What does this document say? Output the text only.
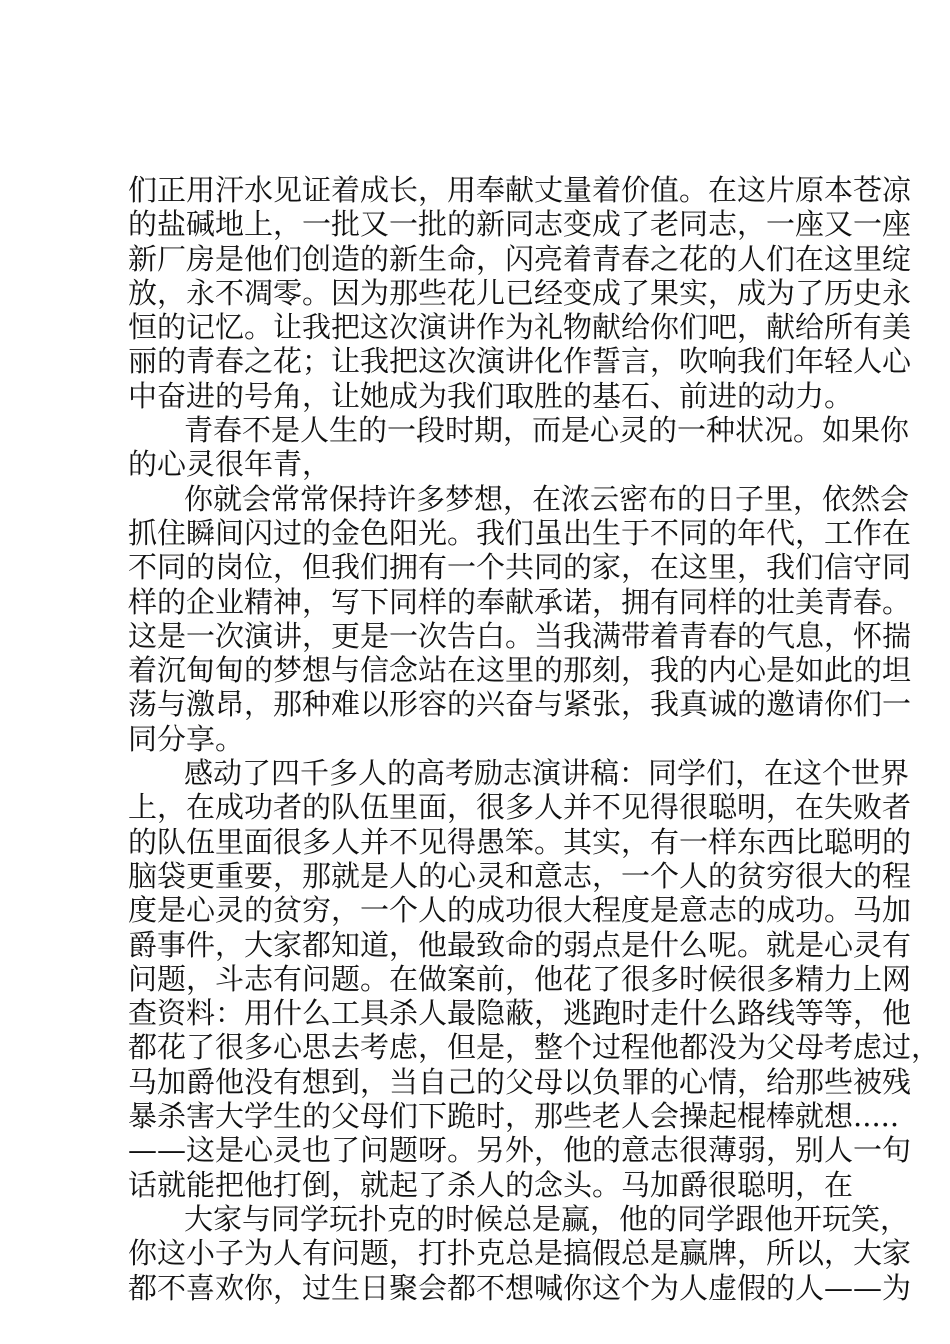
们正用汗水见证着成长，用奉献丈量着价值。在这片原本苍凉
的盐碱地上，一批又一批的新同志变成了老同志，一座又一座
新厂房是他们创造的新生命，闪亮着青春之花的人们在这里绽
放，永不凋零。因为那些花儿已经变成了果实，成为了历史永
恒的记忆。让我把这次演讲作为礼物献给你们吧，献给所有美
丽的青春之花；让我把这次演讲化作誓言，吹响我们年轻人心
中奋进的号角，让她成为我们取胜的基石、前进的动力。
青春不是人生的一段时期，而是心灵的一种状况。如果你
的心灵很年青，
你就会常常保持许多梦想，在浓云密布的日子里，依然会
抓住瞬间闪过的金色阳光。我们虽出生于不同的年代，工作在
不同的岗位，但我们拥有一个共同的家，在这里，我们信守同
样的企业精神，写下同样的奉献承诺，拥有同样的壮美青春。
这是一次演讲，更是一次告白。当我满带着青春的气息，怀揣
着沉甸甸的梦想与信念站在这里的那刻，我的内心是如此的坦
荡与激昂，那种难以形容的兴奋与紧张，我真诚的邀请你们一
同分享。
感动了四千多人的高考励志演讲稿：同学们，在这个世界
上，在成功者的队伍里面，很多人并不见得很聪明，在失败者
的队伍里面很多人并不见得愚笨。其实，有一样东西比聪明的
脑袋更重要，那就是人的心灵和意志，一个人的贫穷很大的程
度是心灵的贫穷，一个人的成功很大程度是意志的成功。马加
爵事件，大家都知道，他最致命的弱点是什么呢。就是心灵有
问题，斗志有问题。在做案前，他花了很多时候很多精力上网
查资料：用什么工具杀人最隐蔽，逃跑时走什么路线等等，他
都花了很多心思去考虑，但是，整个过程他都没为父母考虑过，
马加爵他没有想到，当自己的父母以负罪的心情，给那些被残
暴杀害大学生的父母们下跪时，那些老人会操起棍棒就想.....
——这是心灵也了问题呀。另外，他的意志很薄弱，别人一句
话就能把他打倒，就起了杀人的念头。马加爵很聪明，在
大家与同学玩扑克的时候总是赢，他的同学跟他开玩笑，
你这小子为人有问题，打扑克总是搞假总是赢牌，所以，大家
都不喜欢你，过生日聚会都不想喊你这个为人虚假的人——为
